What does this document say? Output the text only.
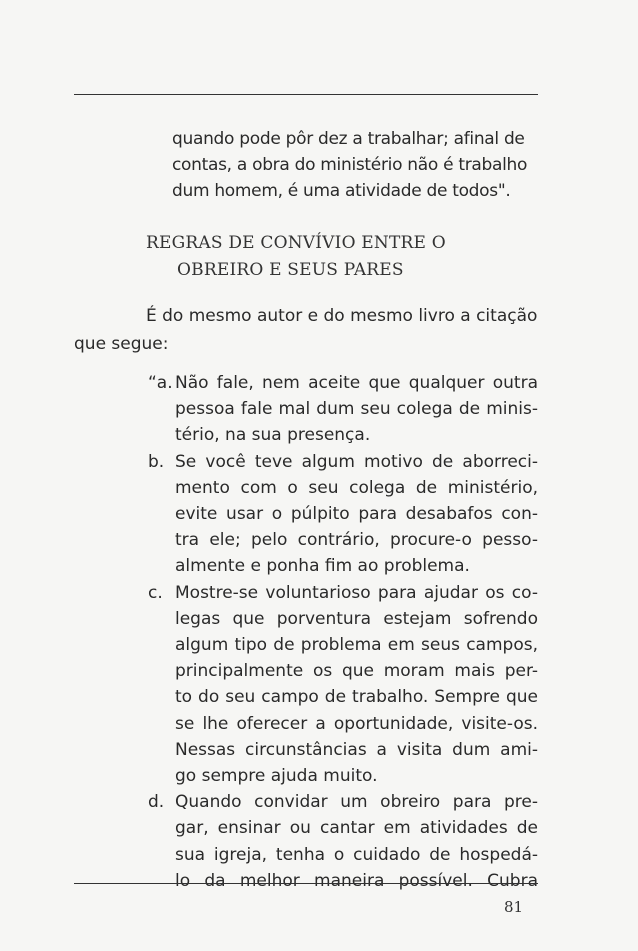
quando pode pôr dez a trabalhar; afinal de
contas, a obra do ministério não é trabalho
dum homem, é uma atividade de todos".
REGRAS DE CONVÍVIO ENTRE O
OBREIRO E SEUS PARES
É do mesmo autor e do mesmo livro a citação
que segue:
“a. Não fale, nem aceite que qualquer outra
pessoa fale mal dum seu colega de minis-
tério, na sua presença.
b. Se você teve algum motivo de aborreci-
mento com o seu colega de ministério,
evite usar o púlpito para desabafos con-
tra ele; pelo contrário, procure-o pesso-
almente e ponha fim ao problema.
c. Mostre-se voluntarioso para ajudar os co-
legas que porventura estejam sofrendo
algum tipo de problema em seus campos,
principalmente os que moram mais per-
to do seu campo de trabalho. Sempre que
se lhe oferecer a oportunidade, visite-os.
Nessas circunstâncias a visita dum ami-
go sempre ajuda muito.
d. Quando convidar um obreiro para pre-
gar, ensinar ou cantar em atividades de
sua igreja, tenha o cuidado de hospedá-
lo da melhor maneira possível. Cubra
81
